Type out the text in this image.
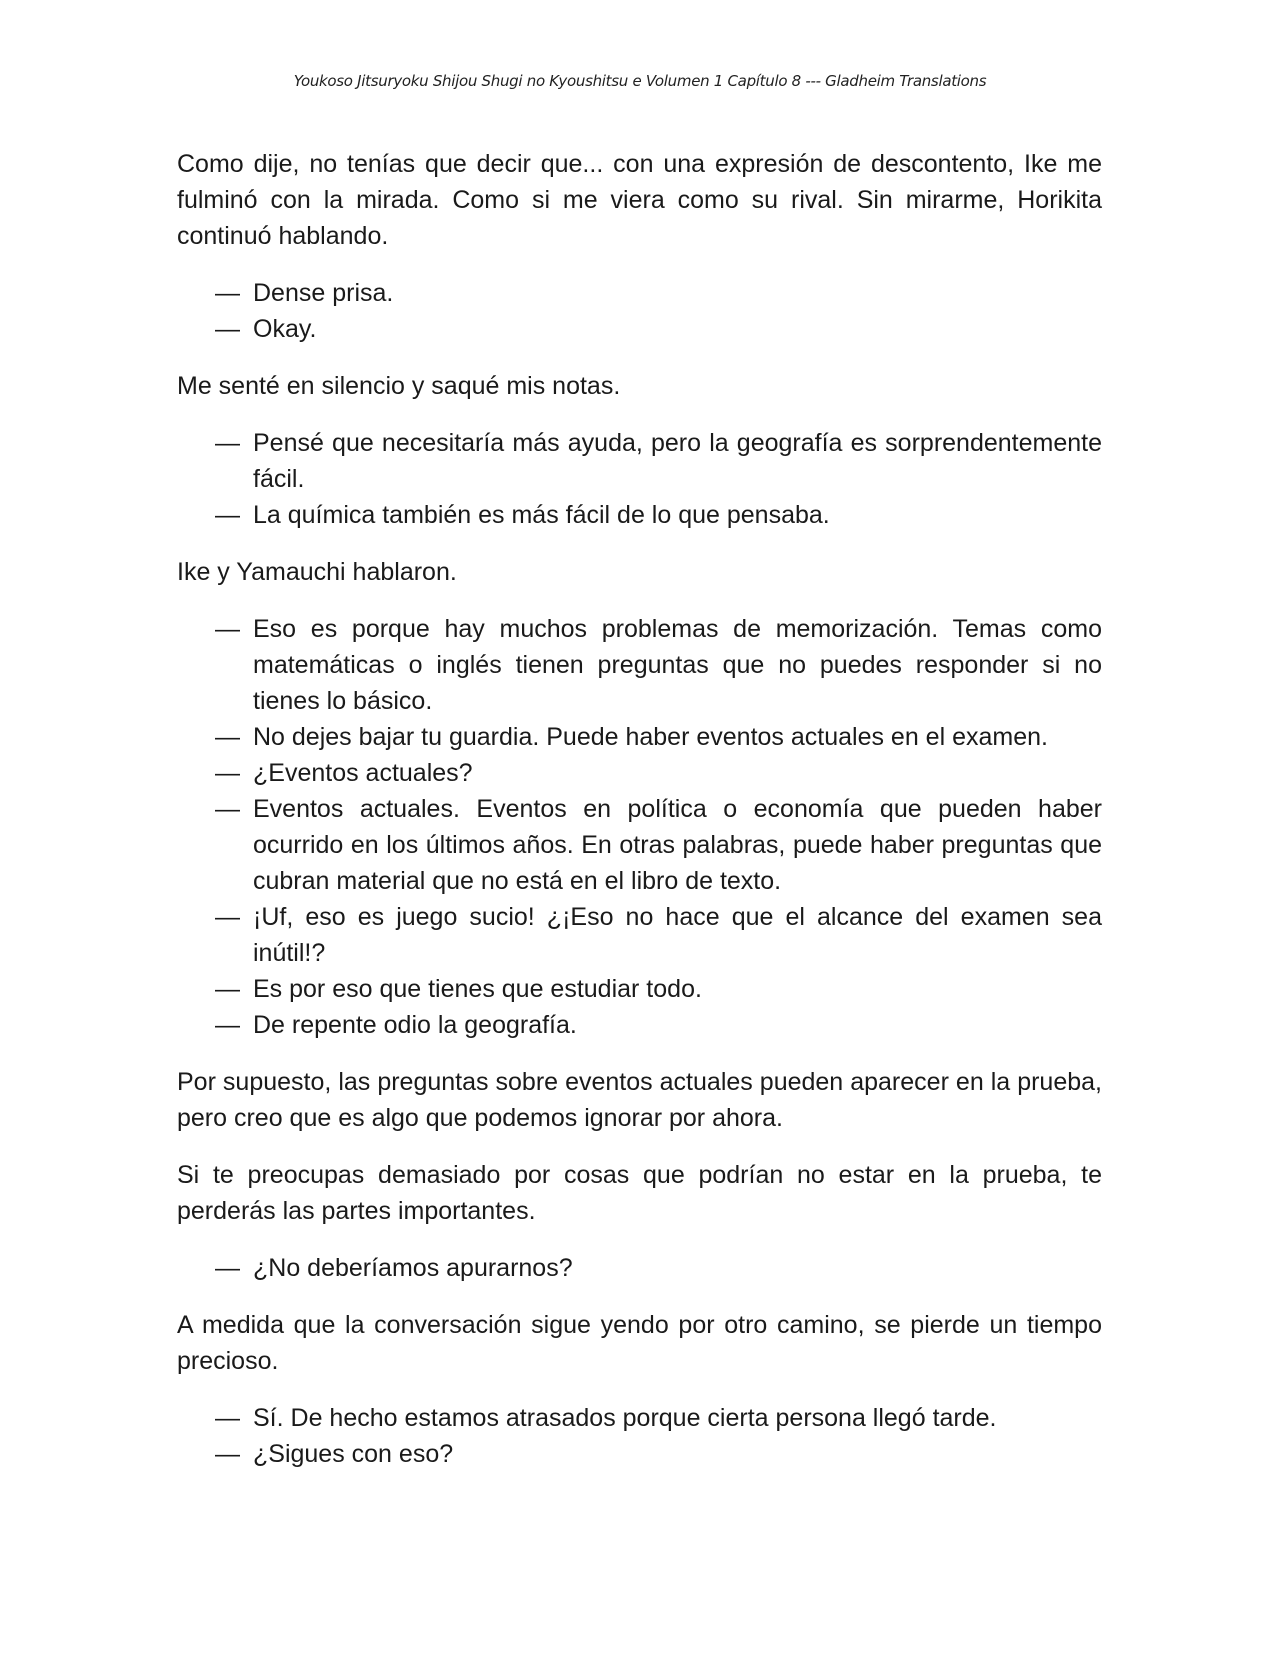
Youkoso Jitsuryoku Shijou Shugi no Kyoushitsu e Volumen 1 Capítulo 8 --- Gladheim Translations

Como dije, no tenías que decir que... con una expresión de descontento, Ike me fulminó con la mirada. Como si me viera como su rival. Sin mirarme, Horikita continuó hablando.

— Dense prisa.
— Okay.

Me senté en silencio y saqué mis notas.

— Pensé que necesitaría más ayuda, pero la geografía es sorprendentemente fácil.
— La química también es más fácil de lo que pensaba.

Ike y Yamauchi hablaron.

— Eso es porque hay muchos problemas de memorización. Temas como matemáticas o inglés tienen preguntas que no puedes responder si no tienes lo básico.
— No dejes bajar tu guardia. Puede haber eventos actuales en el examen.
— ¿Eventos actuales?
— Eventos actuales. Eventos en política o economía que pueden haber ocurrido en los últimos años. En otras palabras, puede haber preguntas que cubran material que no está en el libro de texto.
— ¡Uf, eso es juego sucio! ¿¡Eso no hace que el alcance del examen sea inútil!?
— Es por eso que tienes que estudiar todo.
— De repente odio la geografía.

Por supuesto, las preguntas sobre eventos actuales pueden aparecer en la prueba, pero creo que es algo que podemos ignorar por ahora.

Si te preocupas demasiado por cosas que podrían no estar en la prueba, te perderás las partes importantes.

— ¿No deberíamos apurarnos?

A medida que la conversación sigue yendo por otro camino, se pierde un tiempo precioso.

— Sí. De hecho estamos atrasados porque cierta persona llegó tarde.
— ¿Sigues con eso?
